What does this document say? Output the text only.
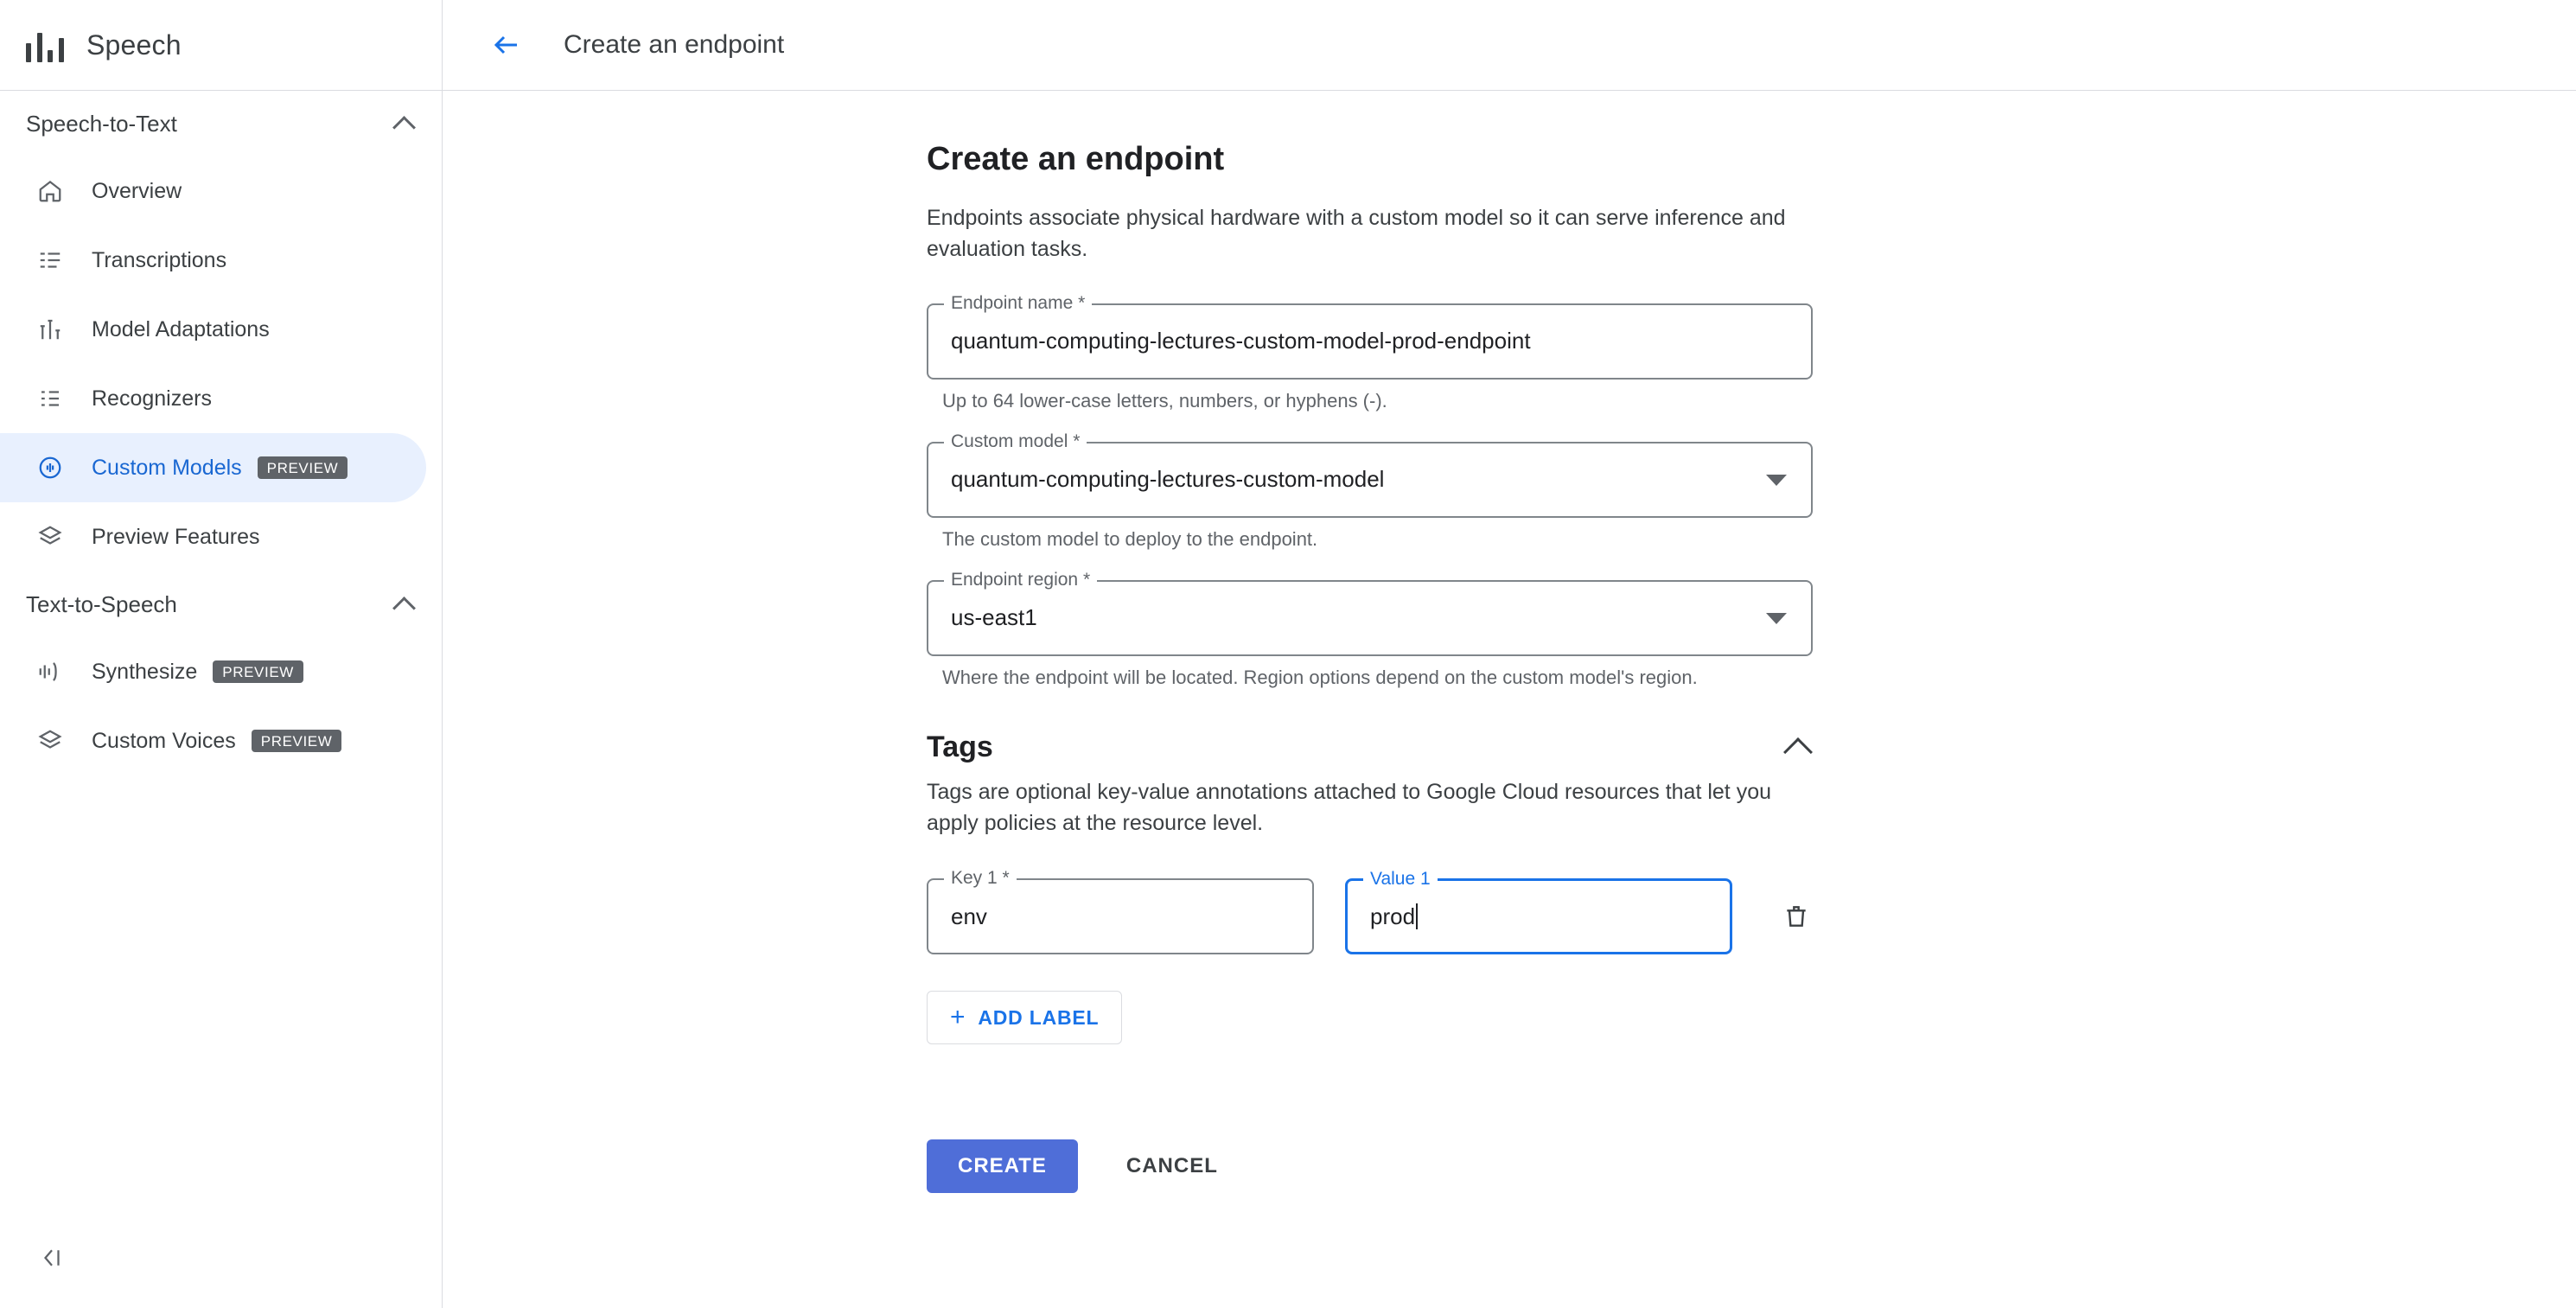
Speech
Speech-to-Text
Overview
Transcriptions
Model Adaptations
Recognizers
Custom Models	PREVIEW
Preview Features
Text-to-Speech
Synthesize	PREVIEW
Custom Voices	PREVIEW
Create an endpoint
Create an endpoint

Endpoints associate physical hardware with a custom model so it can serve inference and evaluation tasks.

Endpoint name *
quantum-computing-lectures-custom-model-prod-endpoint
Up to 64 lower-case letters, numbers, or hyphens (-).
Custom model *
quantum-computing-lectures-custom-model
The custom model to deploy to the endpoint.
Endpoint region *
us-east1
Where the endpoint will be located. Region options depend on the custom model's region.
Tags

Tags are optional key-value annotations attached to Google Cloud resources that let you apply policies at the resource level.

Key 1 *
env
Value 1
prod
+ ADD LABEL
CREATE	CANCEL
